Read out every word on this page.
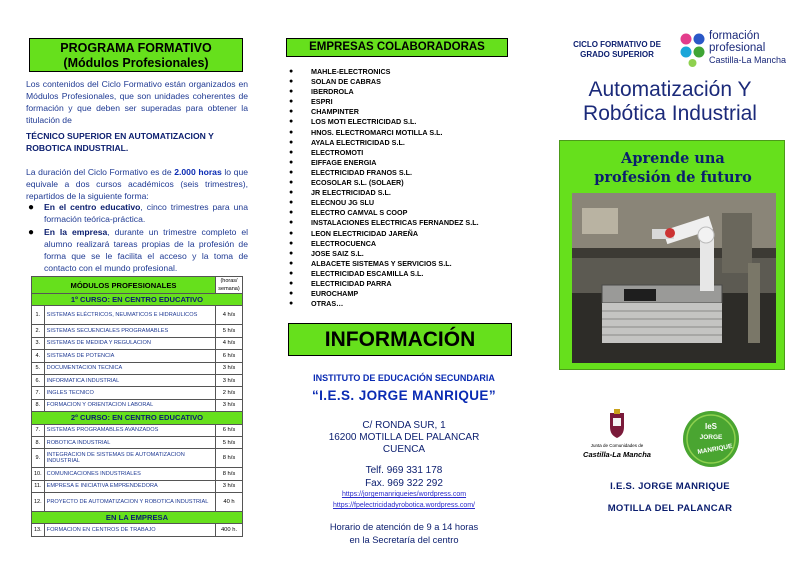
PROGRAMA FORMATIVO
(Módulos Profesionales)

Los contenidos del Ciclo Formativo están organizados en Módulos Profesionales, que son unidades coherentes de formación y que deben ser superadas para obtener la titulación de

TÉCNICO SUPERIOR EN AUTOMATIZACION Y ROBOTICA INDUSTRIAL.

La duración del Ciclo Formativo es de 2.000 horas lo que equivale a dos cursos académicos (seis trimestres), repartidos de la siguiente forma:

● En el centro educativo, cinco trimestres para una formación teórica-práctica.
● En la empresa, durante un trimestre completo el alumno realizará tareas propias de la profesión de forma que se le facilita el acceso y la toma de contacto con el mundo profesional.
MÓDULOS PROFESIONALES		(horas/
semana)
1º CURSO: EN CENTRO EDUCATIVO		
1.	SISTEMAS ELÉCTRICOS, NEUMATICOS E HIDRAULICOS	4 h/s
2.	SISTEMAS SECUENCIALES PROGRAMABLES	5 h/s
3.	SISTEMAS DE MEDIDA Y REGULACION	4 h/s
4.	SISTEMAS DE POTENCIA	6 h/s
5.	DOCUMENTACION TECNICA	3 h/s
6.	INFORMATICA INDUSTRIAL	3 h/s
7.	INGLES TECNICO	2 h/s
8.	FORMACION Y ORIENTACION LABORAL	3 h/s
2º CURSO: EN CENTRO EDUCATIVO		
7.	SISTEMAS PROGRAMABLES AVANZADOS	6 h/s
8.	ROBOTICA INDUSTRIAL	5 h/s
9.	INTEGRACION DE SISTEMAS DE AUTOMATIZACION INDUSTRIAL	8 h/s
10.	COMUNICACIONES INDUSTRIALES	8 h/s
11.	EMPRESA E INICIATIVA EMPRENDEDORA	3 h/s
12.	PROYECTO DE AUTOMATIZACION Y ROBOTICA INDUSTRIAL	40 h
EN LA EMPRESA		
13.	FORMACION EN CENTROS DE TRABAJO	400 h.
EMPRESAS COLABORADORAS
● MAHLE-ELECTRONICS
● SOLAN DE CABRAS
● IBERDROLA
● ESPRI
● CHAMPINTER
● LOS MOTI ELECTRICIDAD S.L.
● HNOS. ELECTROMARCI MOTILLA S.L.
● AYALA ELECTRICIDAD S.L.
● ELECTROMOTI
● EIFFAGE ENERGIA
● ELECTRICIDAD FRANOS S.L.
● ECOSOLAR S.L. (SOLAER)
● JR ELECTRICIDAD S.L.
● ELECNOU JG SLU
● ELECTRO CAMVAL S COOP
● INSTALACIONES ELECTRICAS FERNANDEZ S.L.
● LEON ELECTRICIDAD JAREÑA
● ELECTROCUENCA
● JOSE SAIZ S.L.
● ALBACETE SISTEMAS Y SERVICIOS S.L.
● ELECTRICIDAD ESCAMILLA S.L.
● ELECTRICIDAD PARRA
● EUROCHAMP
● OTRAS…
INFORMACIÓN
INSTITUTO DE EDUCACIÓN SECUNDARIA
“I.E.S. JORGE MANRIQUE”
C/ RONDA SUR, 1
16200 MOTILLA DEL PALANCAR
CUENCA
Telf. 969 331 178
Fax. 969 322 292
https://jorgemanriqueies/wordpress.com
https://fpelectricidadyrobotica.wordpress.com/
Horario de atención de 9 a 14 horas
en la Secretaría del centro
CICLO FORMATIVO DE GRADO SUPERIOR
formación
profesional
Castilla-La Mancha
Automatización Y Robótica Industrial
Aprende una
profesión de futuro
Junta de Comunidades de
Castilla-La Mancha
IeS
JORGE
MANRIQUE
I.E.S. JORGE MANRIQUE
MOTILLA DEL PALANCAR
